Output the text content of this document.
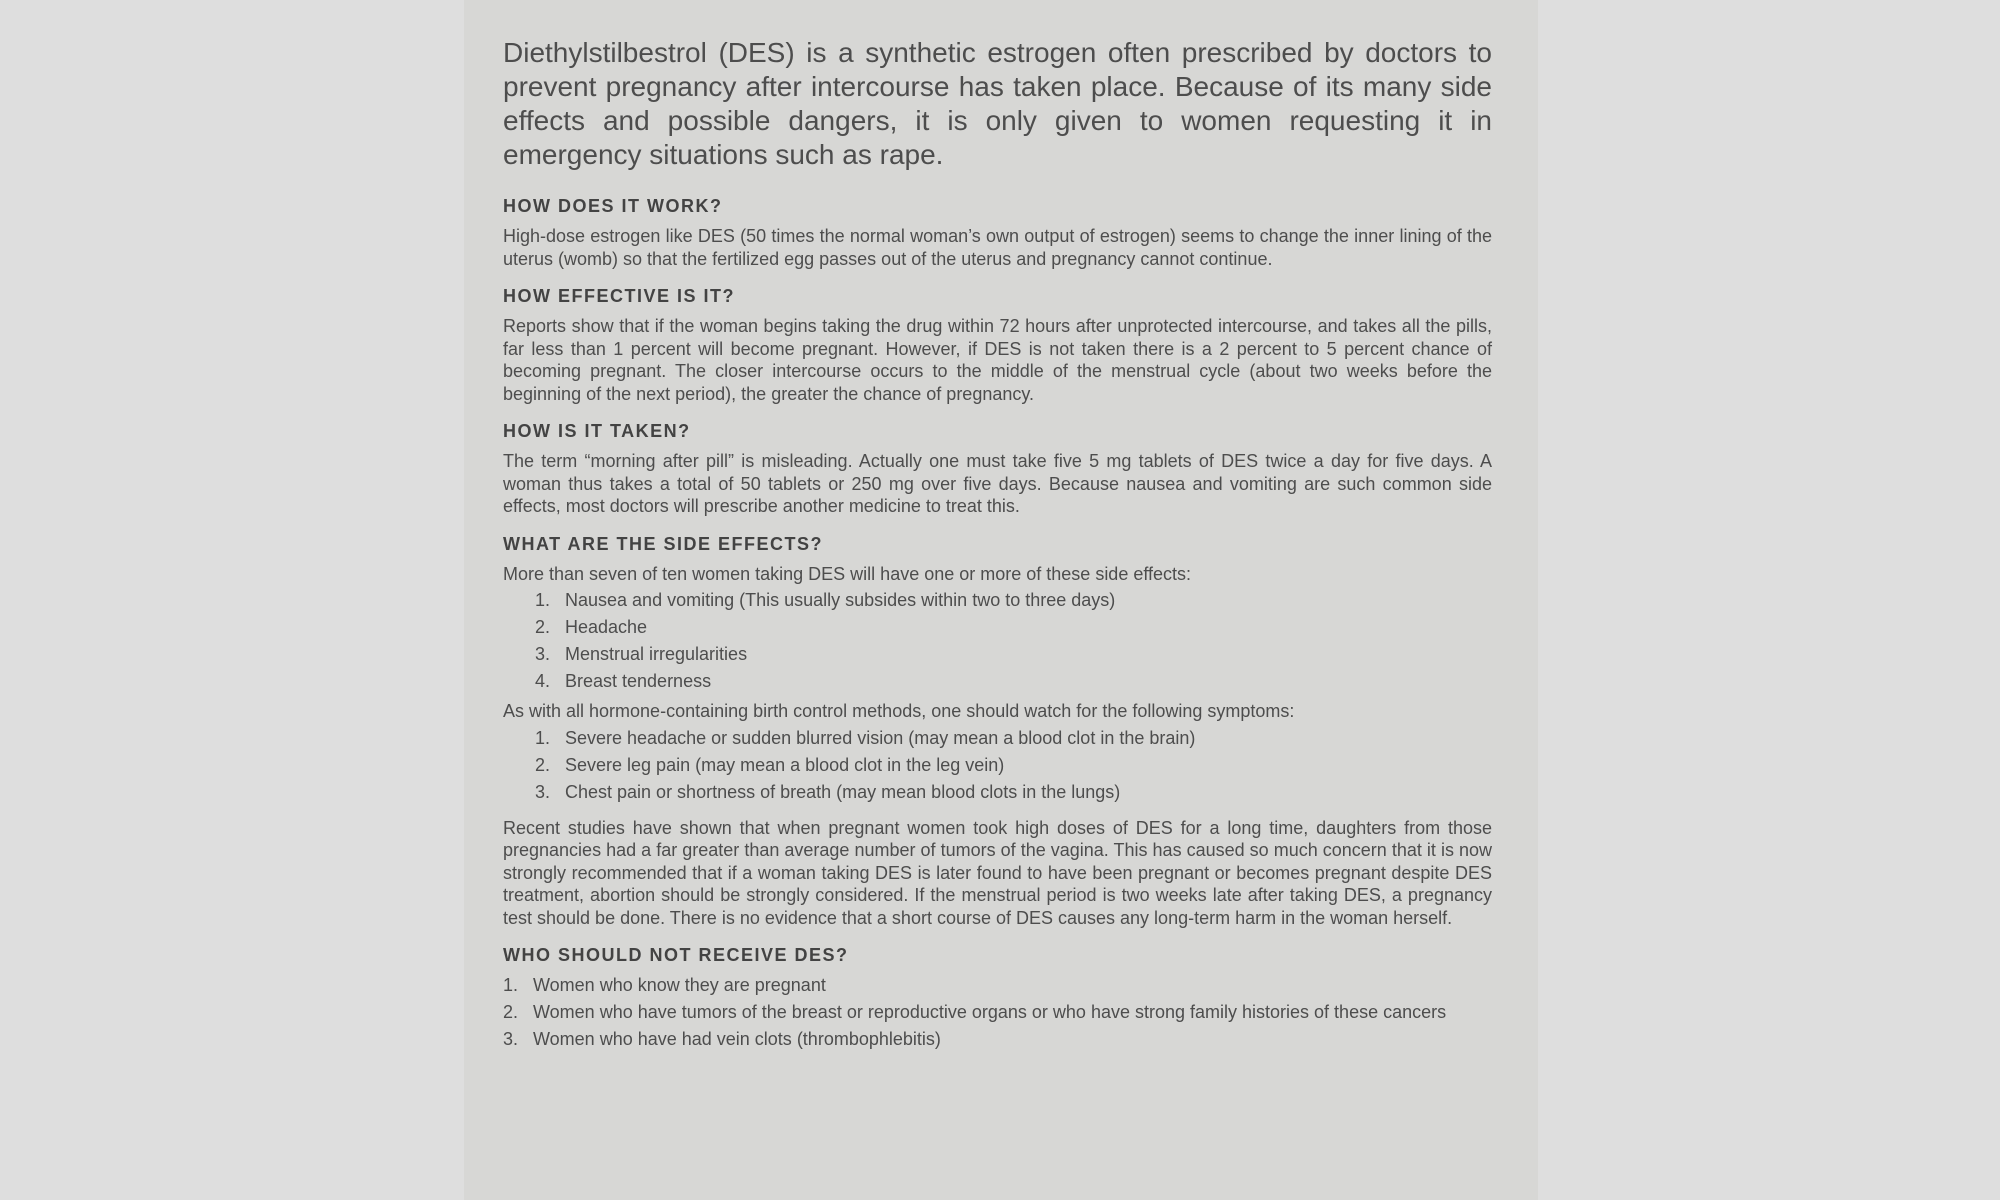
Diethylstilbestrol (DES) is a synthetic estrogen often prescribed by doctors to prevent pregnancy after intercourse has taken place. Because of its many side effects and possible dangers, it is only given to women requesting it in emergency situations such as rape.

HOW DOES IT WORK?

High-dose estrogen like DES (50 times the normal woman’s own output of estrogen) seems to change the inner lining of the uterus (womb) so that the fertilized egg passes out of the uterus and pregnancy cannot continue.

HOW EFFECTIVE IS IT?

Reports show that if the woman begins taking the drug within 72 hours after unprotected intercourse, and takes all the pills, far less than 1 percent will become pregnant. However, if DES is not taken there is a 2 percent to 5 percent chance of becoming pregnant. The closer intercourse occurs to the middle of the menstrual cycle (about two weeks before the beginning of the next period), the greater the chance of pregnancy.

HOW IS IT TAKEN?

The term “morning after pill” is misleading. Actually one must take five 5 mg tablets of DES twice a day for five days. A woman thus takes a total of 50 tablets or 250 mg over five days. Because nausea and vomiting are such common side effects, most doctors will prescribe another medicine to treat this.

WHAT ARE THE SIDE EFFECTS?

More than seven of ten women taking DES will have one or more of these side effects:

1. Nausea and vomiting (This usually subsides within two to three days)
2. Headache
3. Menstrual irregularities
4. Breast tenderness

As with all hormone-containing birth control methods, one should watch for the following symptoms:

1. Severe headache or sudden blurred vision (may mean a blood clot in the brain)
2. Severe leg pain (may mean a blood clot in the leg vein)
3. Chest pain or shortness of breath (may mean blood clots in the lungs)

Recent studies have shown that when pregnant women took high doses of DES for a long time, daughters from those pregnancies had a far greater than average number of tumors of the vagina. This has caused so much concern that it is now strongly recommended that if a woman taking DES is later found to have been pregnant or becomes pregnant despite DES treatment, abortion should be strongly considered. If the menstrual period is two weeks late after taking DES, a pregnancy test should be done. There is no evidence that a short course of DES causes any long-term harm in the woman herself.

WHO SHOULD NOT RECEIVE DES?
1. Women who know they are pregnant
2. Women who have tumors of the breast or reproductive organs or who have strong family histories of these cancers
3. Women who have had vein clots (thrombophlebitis)
